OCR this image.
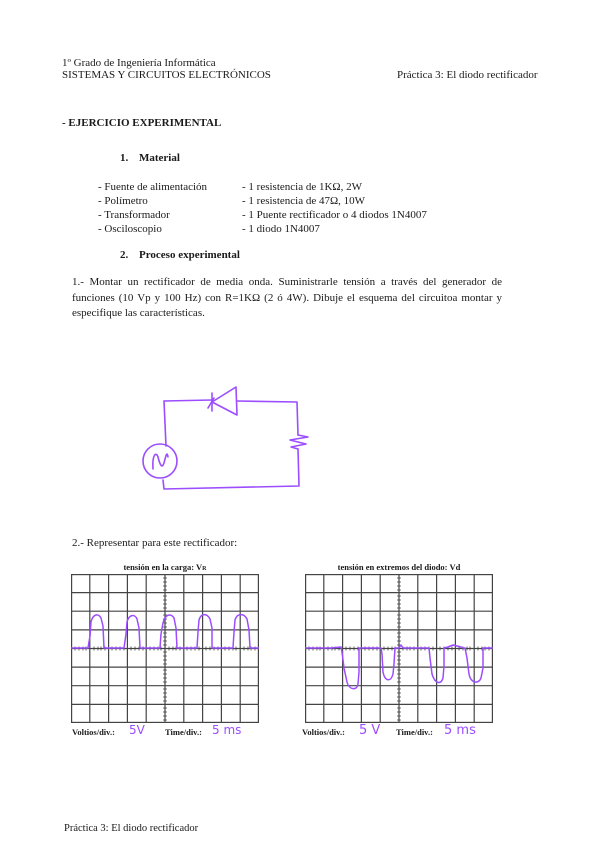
1º Grado de Ingeniería Informática
SISTEMAS Y CIRCUITOS ELECTRÓNICOS	Práctica 3: El diodo rectificador
- EJERCICIO EXPERIMENTAL
1. Material
- Fuente de alimentación
- Polímetro
- Transformador
- Osciloscopio
- 1 resistencia de 1KΩ, 2W
- 1 resistencia de 47Ω, 10W
- 1 Puente rectificador o 4 diodos 1N4007
- 1 diodo 1N4007
2. Proceso experimental
1.- Montar un rectificador de media onda. Suministrarle tensión a través del generador de funciones (10 Vp y 100 Hz) con R=1KΩ (2 ó 4W). Dibuje el esquema del circuitoa montar y especifique las características.
2.- Representar para este rectificador:
tensión en la carga: VR
Voltios/div.: 5V Time/div.: 5 ms
tensión en extremos del diodo: Vd
Voltios/div.: 5 V Time/div.: 5 ms
Práctica 3: El diodo rectificador
